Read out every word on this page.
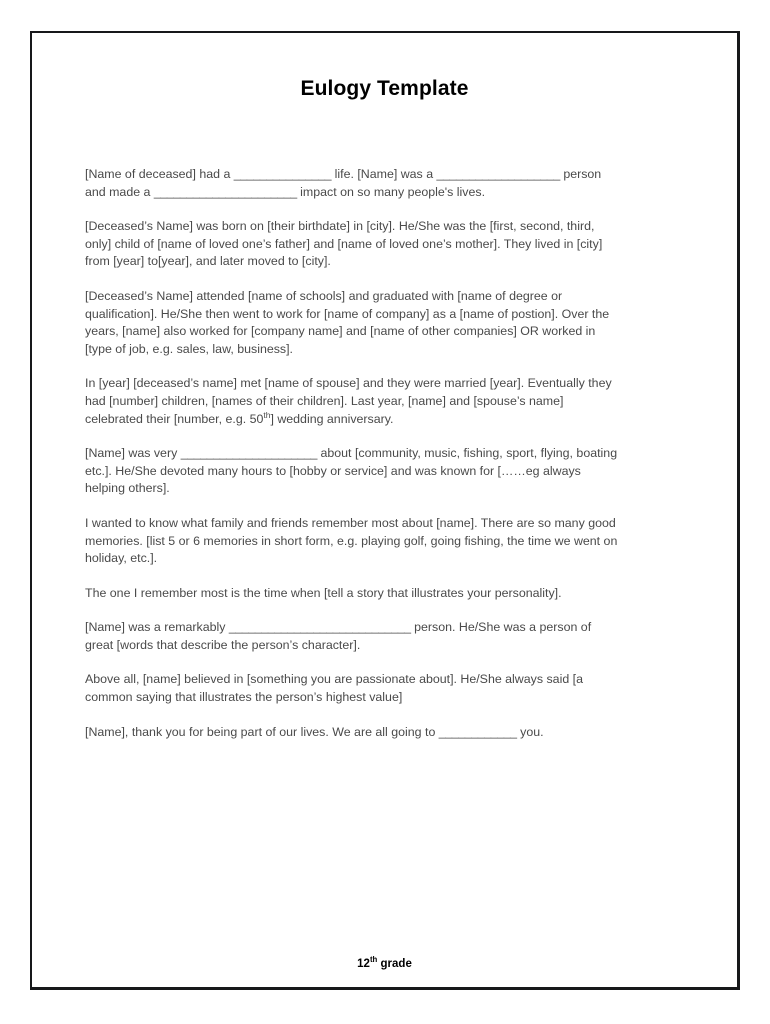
Eulogy Template

[Name of deceased] had a _______________ life. [Name] was a ___________________ person and made a ______________________ impact on so many people's lives.

[Deceased’s Name] was born on [their birthdate] in [city]. He/She was the [first, second, third, only] child of [name of loved one’s father] and [name of loved one’s mother]. They lived in [city] from [year] to[year], and later moved to [city].

[Deceased’s Name] attended [name of schools] and graduated with [name of degree or qualification]. He/She then went to work for [name of company] as a [name of postion]. Over the years, [name] also worked for [company name] and [name of other companies] OR worked in [type of job, e.g. sales, law, business].

In [year] [deceased’s name] met [name of spouse] and they were married [year]. Eventually they had [number] children, [names of their children]. Last year, [name] and [spouse’s name] celebrated their [number, e.g. 50th] wedding anniversary.

[Name] was very _____________________ about [community, music, fishing, sport, flying, boating etc.]. He/She devoted many hours to [hobby or service] and was known for [……eg always helping others].

I wanted to know what family and friends remember most about [name]. There are so many good memories. [list 5 or 6 memories in short form, e.g. playing golf, going fishing, the time we went on holiday, etc.].

The one I remember most is the time when [tell a story that illustrates your personality].

[Name] was a remarkably ____________________________ person. He/She was a person of great [words that describe the person’s character].

Above all, [name] believed in [something you are passionate about]. He/She always said [a common saying that illustrates the person’s highest value]

[Name], thank you for being part of our lives. We are all going to ____________ you.

12th grade
